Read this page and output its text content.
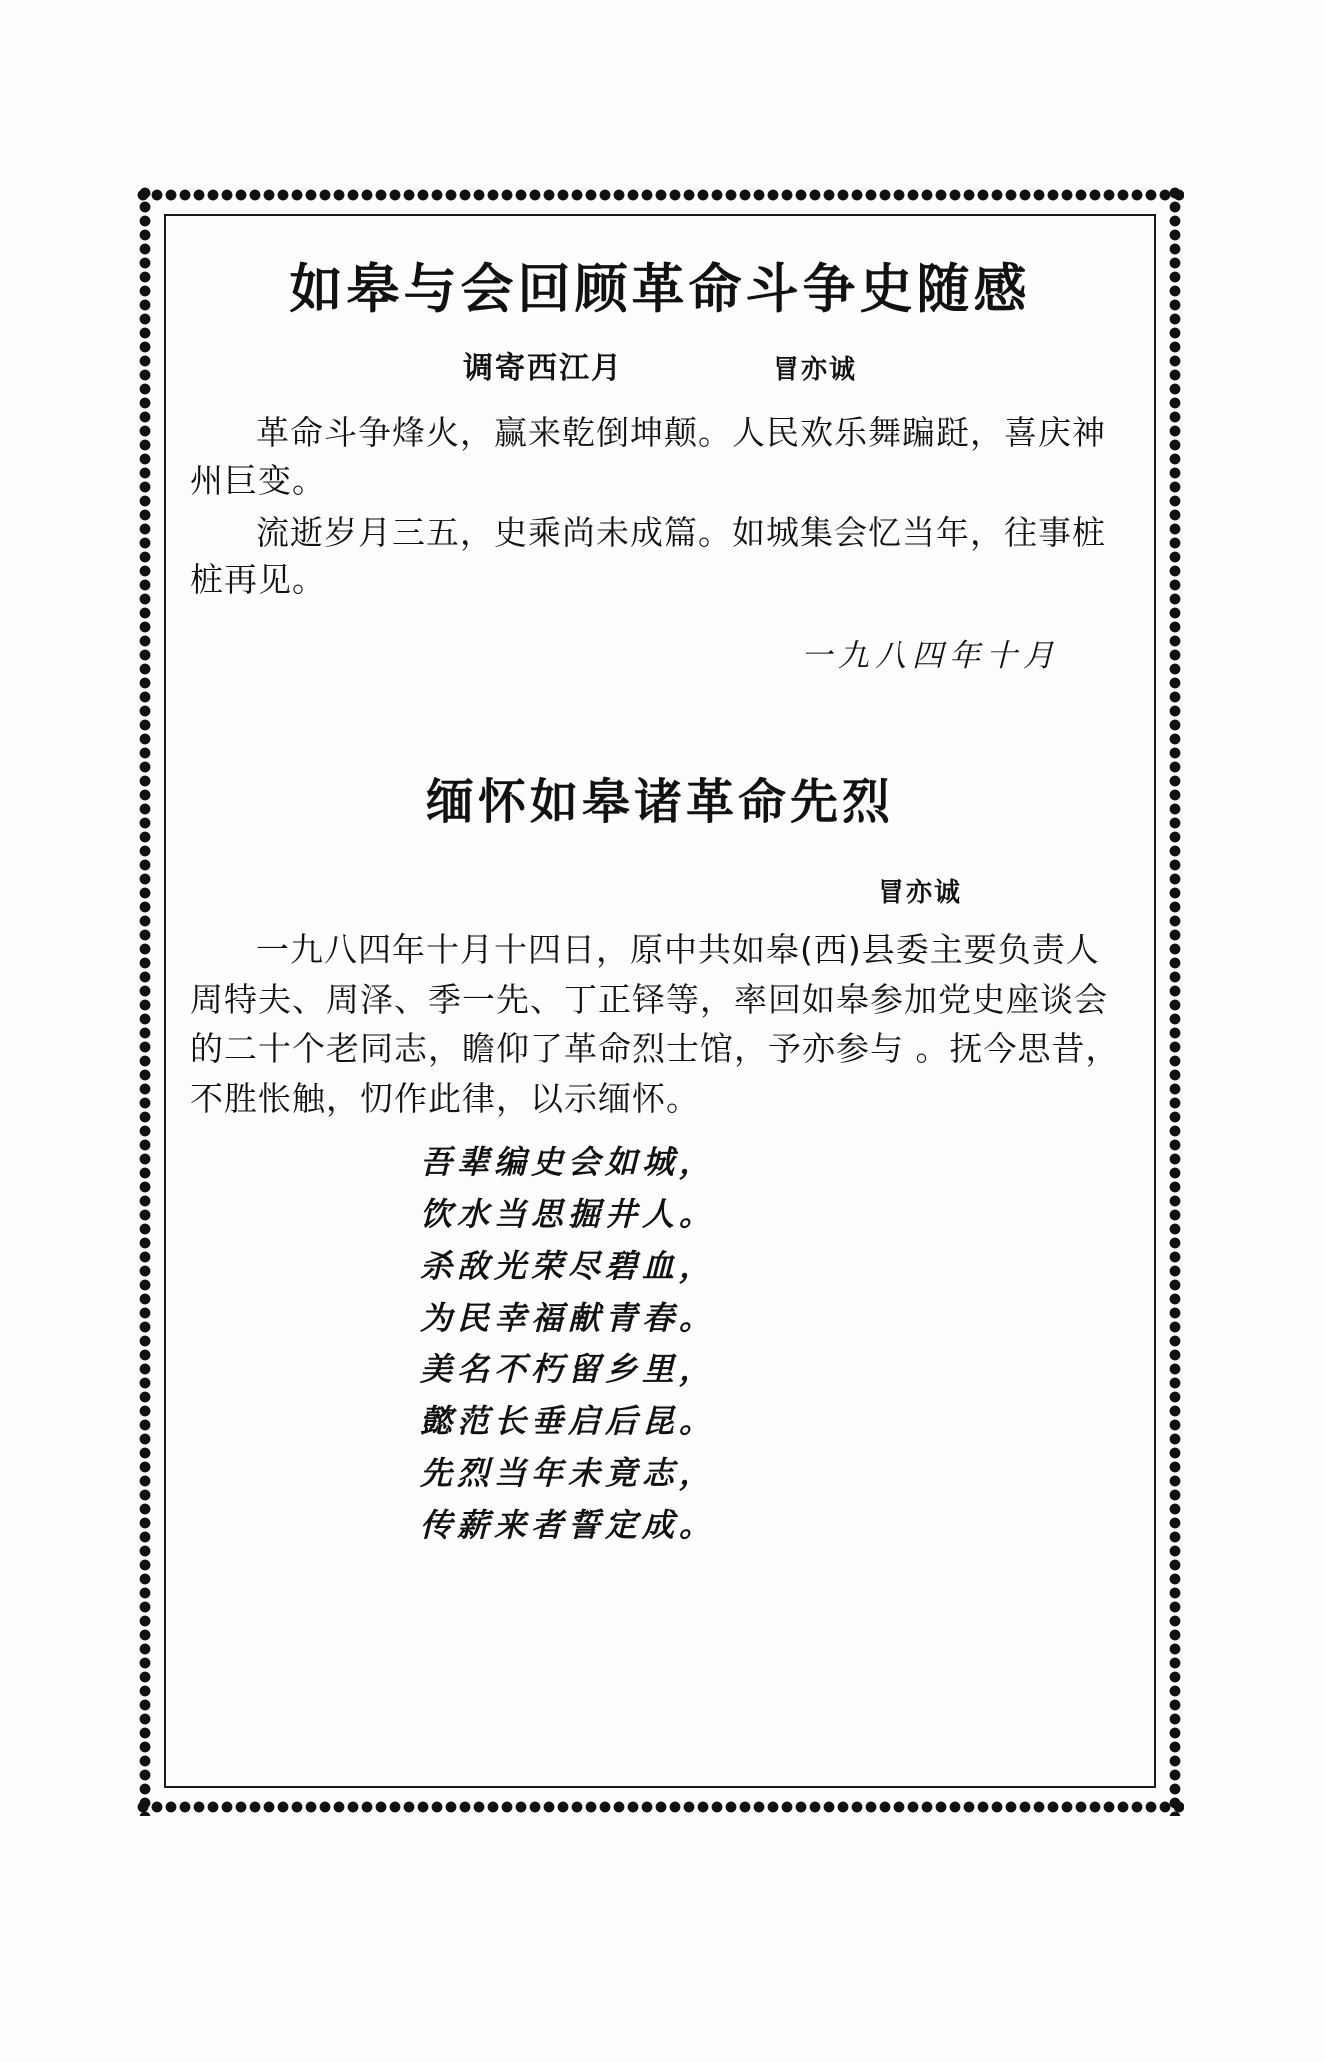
如皋与会回顾革命斗争史随感
调寄西江月	冒亦诚

革命斗争烽火，赢来乾倒坤颠。人民欢乐舞蹁跹，喜庆神州巨变。

流逝岁月三五，史乘尚未成篇。如城集会忆当年，往事桩桩再见。

一九八四年十月
缅怀如皋诸革命先烈
冒亦诚

一九八四年十月十四日，原中共如皋(西)县委主要负责人周特夫、周泽、季一先、丁正铎等，率回如皋参加党史座谈会的二十个老同志，瞻仰了革命烈士馆，予亦参与 。抚今思昔，不胜怅触，忉作此律，以示缅怀。

吾辈编史会如城，
饮水当思掘井人。
杀敌光荣尽碧血，
为民幸福献青春。
美名不朽留乡里，
懿范长垂启后昆。
先烈当年未竟志，
传薪来者誓定成。
